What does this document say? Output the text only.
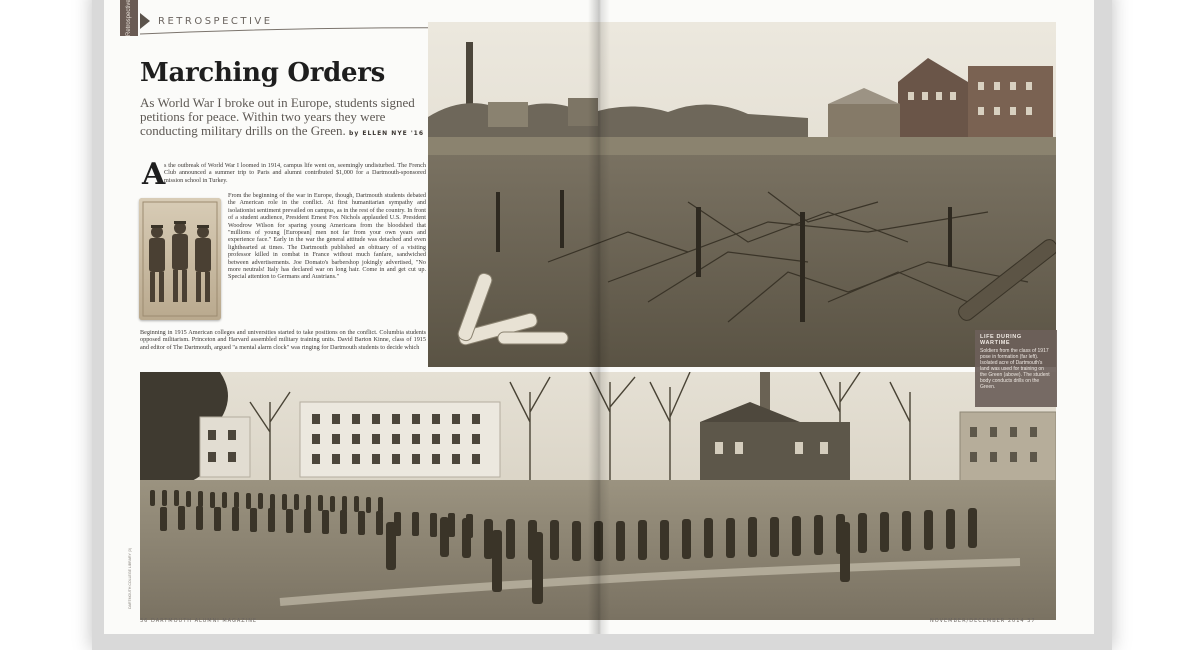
Retrospective	RETROSPECTIVE
Marching Orders

As World War I broke out in Europe, students signed petitions for peace. Within two years they were conducting military drills on the Green. by ELLEN NYE '16

A

s the outbreak of World War I loomed in 1914, campus life went on, seemingly undisturbed. The French Club announced a summer trip to Paris and alumni contributed $1,000 for a Dartmouth-sponsored mission school in Turkey.

From the beginning of the war in Europe, though, Dartmouth students debated the American role in the conflict. At first humanitarian sympathy and isolationist sentiment prevailed on campus, as in the rest of the country. In front of a student audience, President Ernest Fox Nichols applauded U.S. President Woodrow Wilson for sparing young Americans from the bloodshed that "millions of young [European] men not far from your own years and experience face." Early in the war the general attitude was detached and even lighthearted at times. The Dartmouth published an obituary of a visiting professor killed in combat in France without much fanfare, sandwiched between advertisements. Joe Domato's barbershop jokingly advertised, "No more neutrals! Italy has declared war on long hair. Come in and get cut up. Special attention to Germans and Austrians."

Beginning in 1915 American colleges and universities started to take positions on the conflict. Columbia students opposed militarism. Princeton and Harvard assembled military training units. David Barton Kinne, class of 1915 and editor of The Dartmouth, argued "a mental alarm clock" was ringing for Dartmouth students to decide which

LIFE DURING WARTIME
Soldiers from the class of 1917 pose in formation (far left). Isolated acre of Dartmouth's land was used for training on the Green (above). The student body conducts drills on the Green.
DARTMOUTH COLLEGE LIBRARY (3)
36 DARTMOUTH ALUMNI MAGAZINE	NOVEMBER/DECEMBER 2014 37
